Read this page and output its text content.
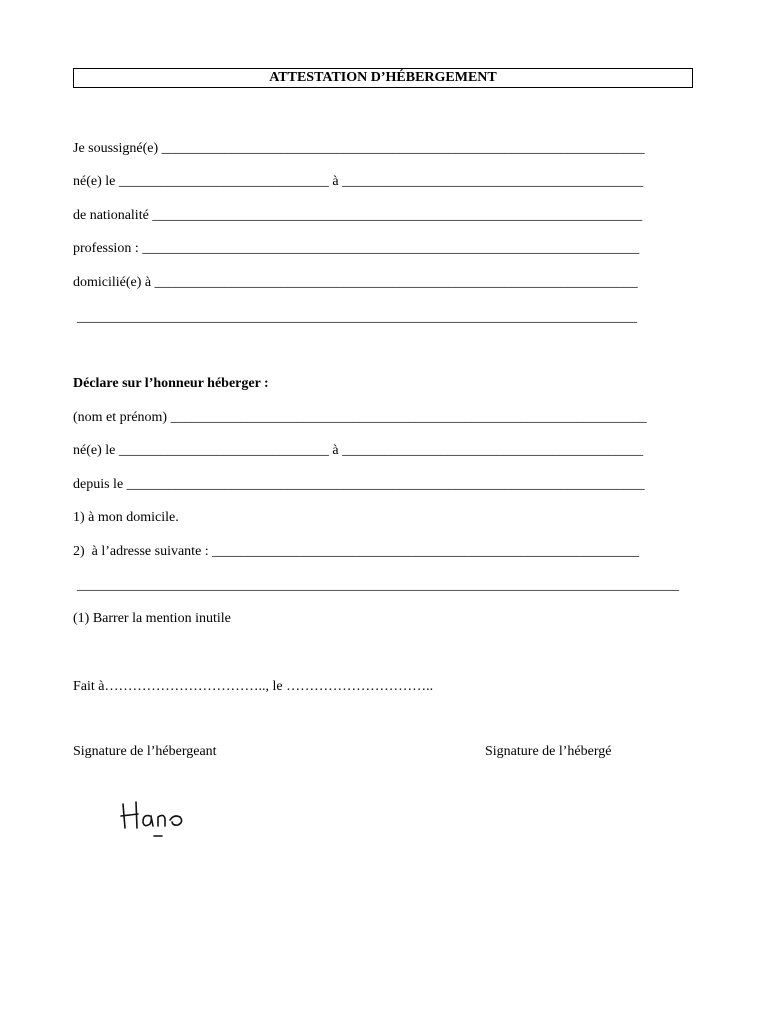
ATTESTATION D’HÉBERGEMENT
Je soussigné(e) _____________________________________________________________________
né(e) le ______________________________ à ___________________________________________
de nationalité ______________________________________________________________________
profession : _______________________________________________________________________
domicilié(e) à _____________________________________________________________________
________________________________________________________________________________
Déclare sur l’honneur héberger :
(nom et prénom) ____________________________________________________________________
né(e) le ______________________________ à ___________________________________________
depuis le __________________________________________________________________________
1) à mon domicile.
2)  à l’adresse suivante : _____________________________________________________________
______________________________________________________________________________________
(1) Barrer la mention inutile
Fait à…………………………….., le …………………………..
Signature de l’hébergeant	Signature de l’hébergé
